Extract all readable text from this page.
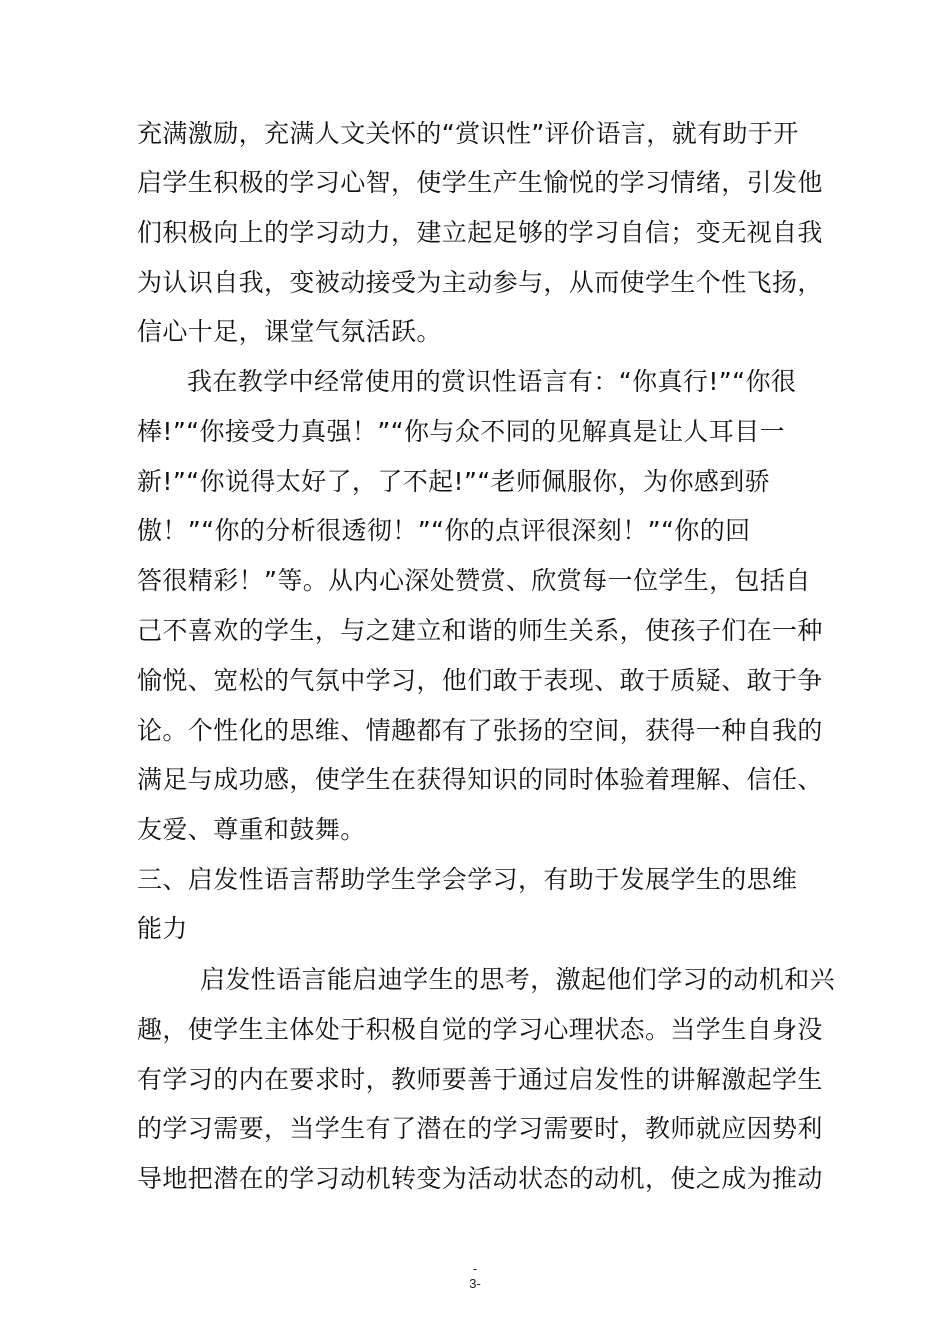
充满激励，充满人文关怀的“赏识性”评价语言，就有助于开
启学生积极的学习心智，使学生产生愉悦的学习情绪，引发他
们积极向上的学习动力，建立起足够的学习自信；变无视自我
为认识自我，变被动接受为主动参与，从而使学生个性飞扬，
信心十足，课堂气氛活跃。
我在教学中经常使用的赏识性语言有：“你真行!”“你很
棒!”“你接受力真强！”“你与众不同的见解真是让人耳目一
新!”“你说得太好了，了不起!”“老师佩服你，为你感到骄
傲！”“你的分析很透彻！”“你的点评很深刻！”“你的回
答很精彩！”等。从内心深处赞赏、欣赏每一位学生，包括自
己不喜欢的学生，与之建立和谐的师生关系，使孩子们在一种
愉悦、宽松的气氛中学习，他们敢于表现、敢于质疑、敢于争
论。个性化的思维、情趣都有了张扬的空间，获得一种自我的
满足与成功感，使学生在获得知识的同时体验着理解、信任、
友爱、尊重和鼓舞。
三、启发性语言帮助学生学会学习，有助于发展学生的思维
能力
启发性语言能启迪学生的思考，激起他们学习的动机和兴
趣，使学生主体处于积极自觉的学习心理状态。当学生自身没
有学习的内在要求时，教师要善于通过启发性的讲解激起学生
的学习需要，当学生有了潜在的学习需要时，教师就应因势利
导地把潜在的学习动机转变为活动状态的动机，使之成为推动
-
3-
